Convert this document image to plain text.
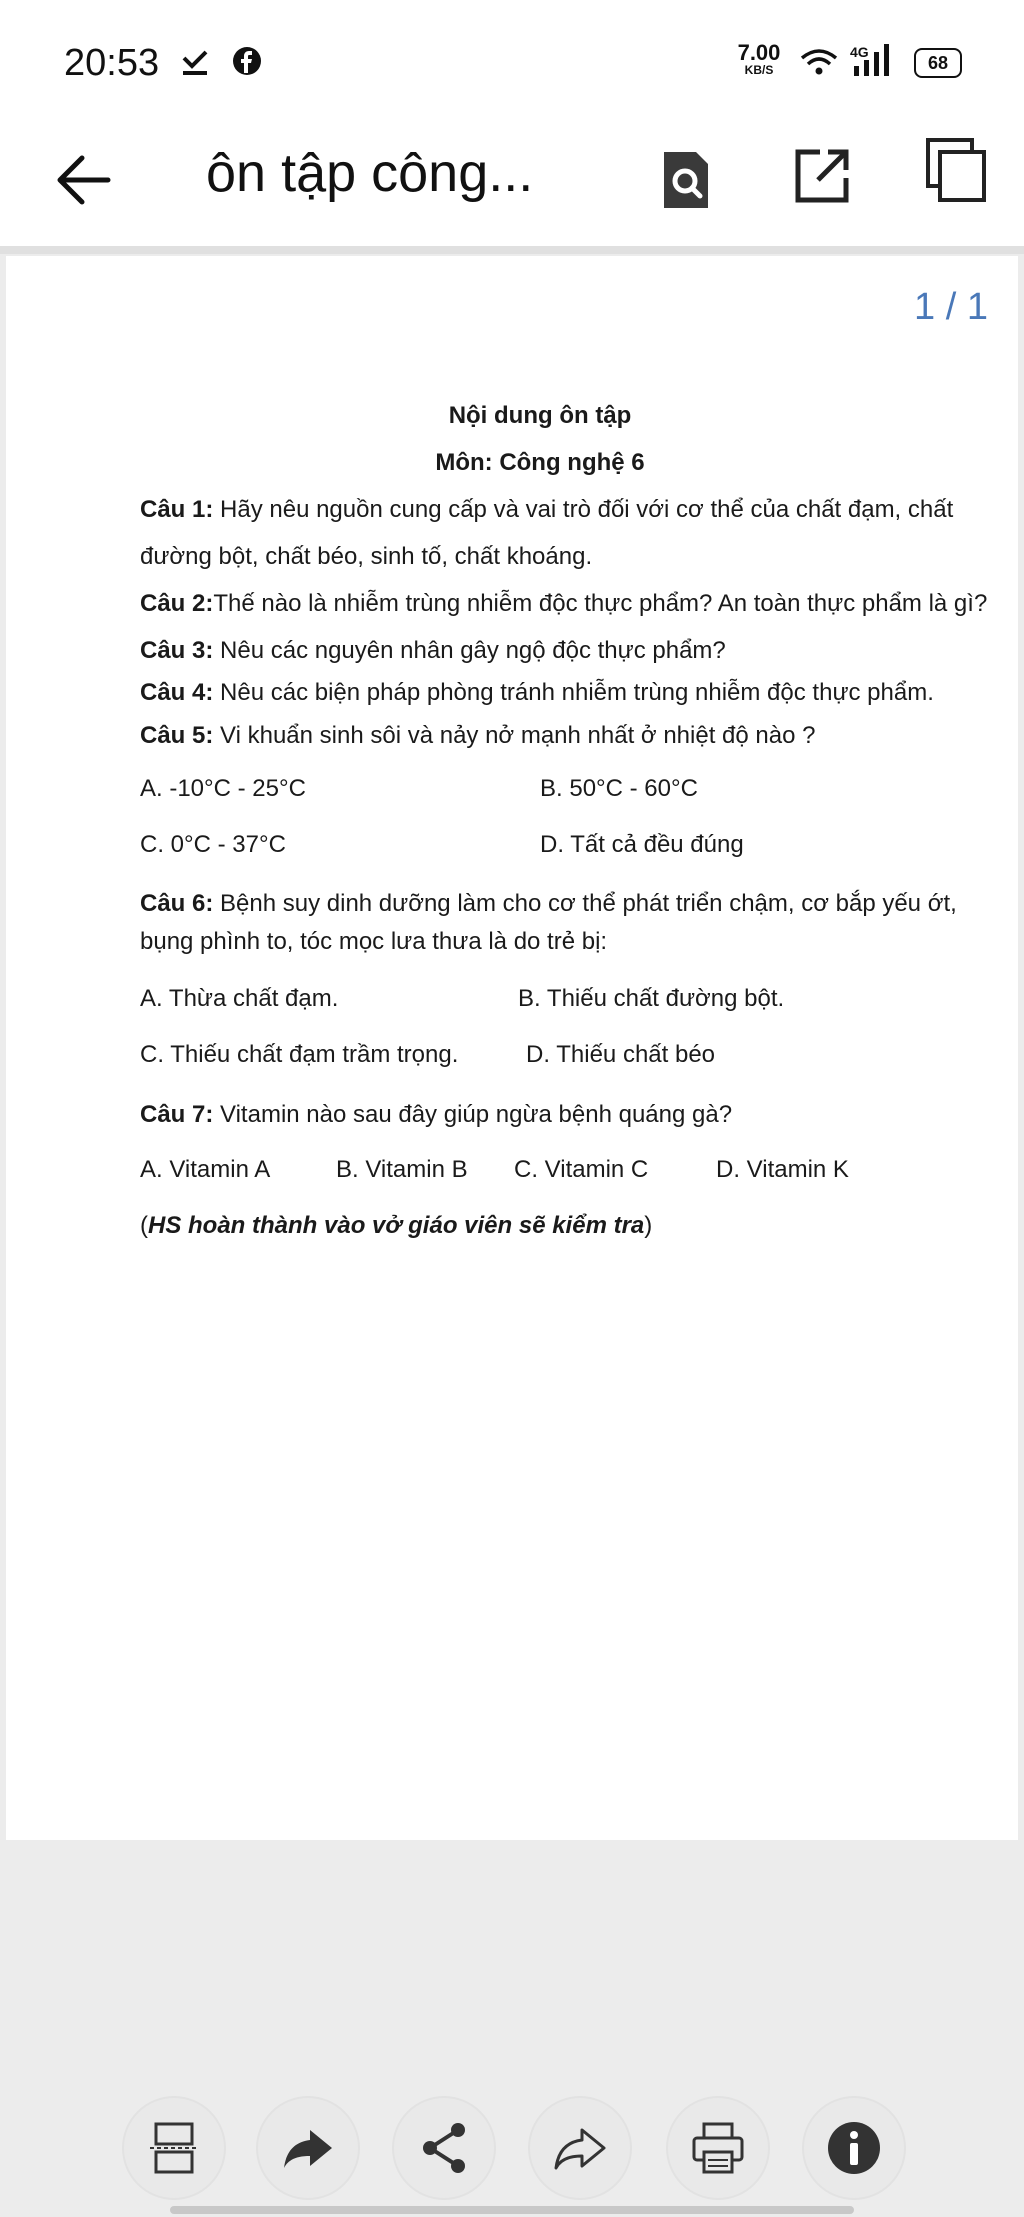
20:53	7.00
KB/S
4G
68
ôn tập công...
1 / 1
Nội dung ôn tập
Môn: Công nghệ 6

Câu 1: Hãy nêu nguồn cung cấp và vai trò đối với cơ thể của chất đạm, chất đường bột, chất béo, sinh tố, chất khoáng.

Câu 2:Thế nào là nhiễm trùng nhiễm độc thực phẩm? An toàn thực phẩm là gì?

Câu 3: Nêu các nguyên nhân gây ngộ độc thực phẩm?

Câu 4: Nêu các biện pháp phòng tránh nhiễm trùng nhiễm độc thực phẩm.

Câu 5: Vi khuẩn sinh sôi và nảy nở mạnh nhất ở nhiệt độ nào ?

A. -10°C - 25°C	B. 50°C - 60°C
C. 0°C - 37°C	D. Tất cả đều đúng

Câu 6: Bệnh suy dinh dưỡng làm cho cơ thể phát triển chậm, cơ bắp yếu ớt, bụng phình to, tóc mọc lưa thưa là do trẻ bị:

A. Thừa chất đạm.	B. Thiếu chất đường bột.
C. Thiếu chất đạm trầm trọng.	D. Thiếu chất béo

Câu 7: Vitamin nào sau đây giúp ngừa bệnh quáng gà?

A. Vitamin A	B. Vitamin B C. Vitamin C	D. Vitamin K

(HS hoàn thành vào vở giáo viên sẽ kiểm tra)
